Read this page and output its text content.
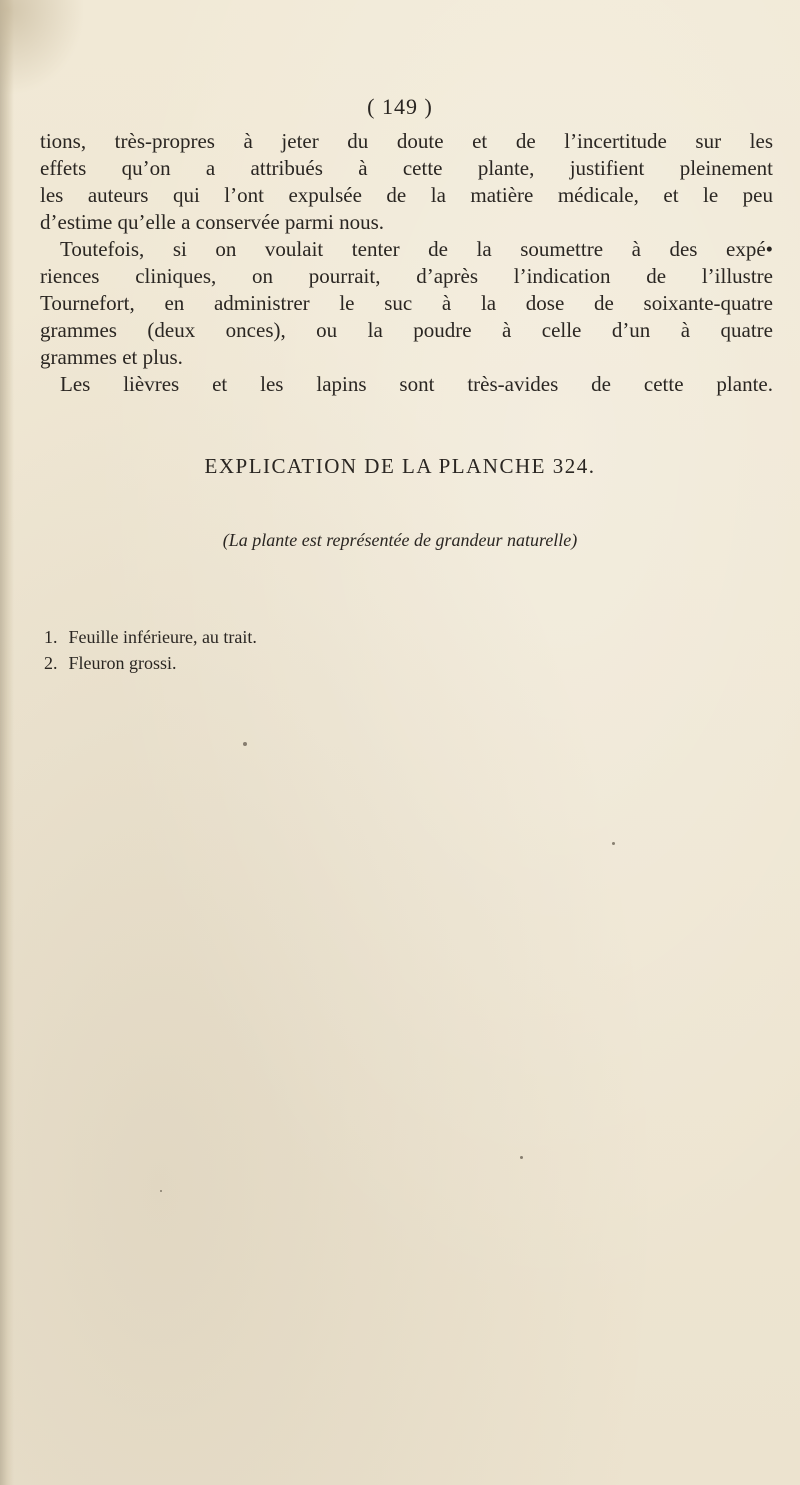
( 149 )
tions, très-propres à jeter du doute et de l’incertitude sur les
effets qu’on a attribués à cette plante, justifient pleinement
les auteurs qui l’ont expulsée de la matière médicale, et le peu
d’estime qu’elle a conservée parmi nous.
Toutefois, si on voulait tenter de la soumettre à des expé•
riences cliniques, on pourrait, d’après l’indication de l’illustre
Tournefort, en administrer le suc à la dose de soixante-quatre
grammes (deux onces), ou la poudre à celle d’un à quatre
grammes et plus.
Les lièvres et les lapins sont très-avides de cette plante.
EXPLICATION DE LA PLANCHE 324.
(La plante est représentée de grandeur naturelle)
1. Feuille inférieure, au trait.
2. Fleuron grossi.
